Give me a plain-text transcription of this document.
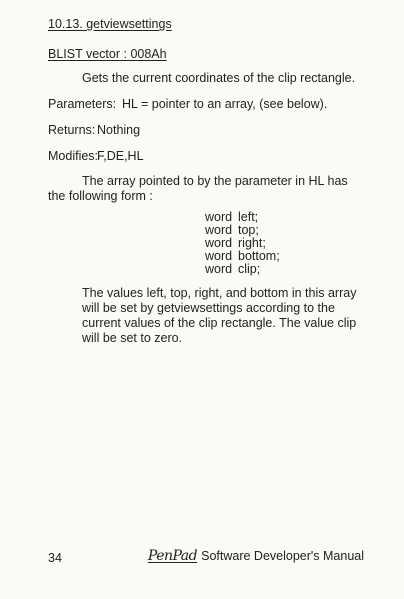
10.13. getviewsettings

BLIST vector : 008Ah

Gets the current coordinates of the clip rectangle.

Parameters: HL = pointer to an array, (see below).

Returns: Nothing

Modifies:

F,DE,HL

The array pointed to by the parameter in HL has the following form :

word left;
word top;
word right;
word bottom;
word clip;

The values left, top, right, and bottom in this array will be set by getviewsettings according to the current values of the clip rectangle. The value clip will be set to zero.

34	PenPad Software Developer's Manual
